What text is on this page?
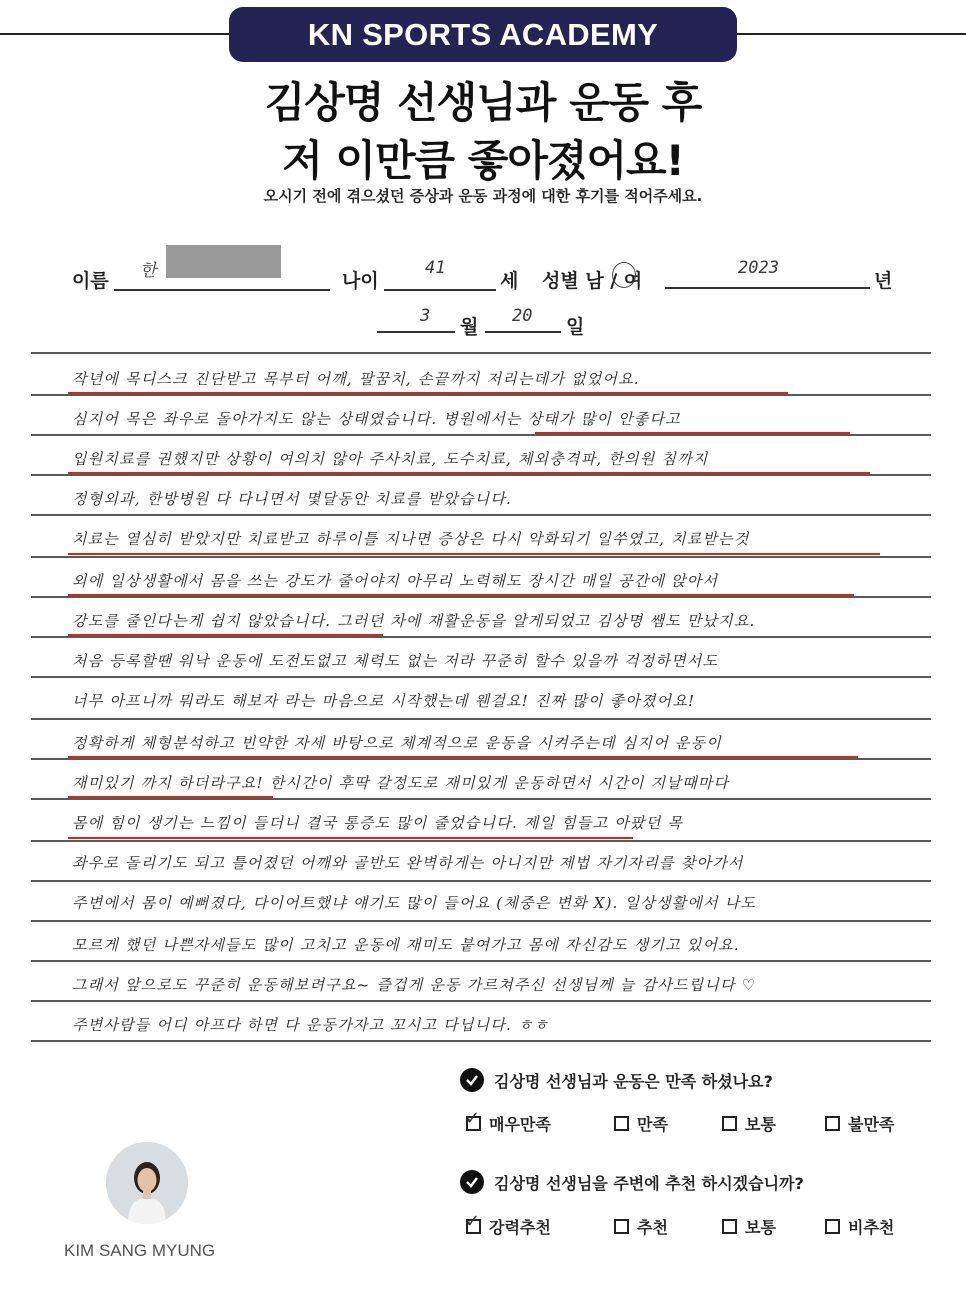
KN SPORTS ACADEMY
김상명 선생님과 운동 후
저 이만큼 좋아졌어요!
오시기 전에 겪으셨던 증상과 운동 과정에 대한 후기를 적어주세요.
이름 한	나이
41
세 성별 남 / 여
2023
년
3 월 20 일
작년에 목디스크 진단받고 목부터 어깨, 팔꿈치, 손끝까지 저리는데가 없었어요.
심지어 목은 좌우로 돌아가지도 않는 상태였습니다. 병원에서는 상태가 많이 안좋다고
입원치료를 권했지만 상황이 여의치 않아 주사치료, 도수치료, 체외충격파, 한의원 침까지
정형외과, 한방병원 다 다니면서 몇달동안 치료를 받았습니다.
치료는 열심히 받았지만 치료받고 하루이틀 지나면 증상은 다시 악화되기 일쑤였고, 치료받는것
외에 일상생활에서 몸을 쓰는 강도가 줄어야지 아무리 노력해도 장시간 매일 공간에 앉아서
강도를 줄인다는게 쉽지 않았습니다. 그러던 차에 재활운동을 알게되었고 김상명 쌤도 만났지요.
처음 등록할땐 워낙 운동에 도전도없고 체력도 없는 저라 꾸준히 할수 있을까 걱정하면서도
너무 아프니까 뭐라도 해보자 라는 마음으로 시작했는데 웬걸요! 진짜 많이 좋아졌어요!
정확하게 체형분석하고 빈약한 자세 바탕으로 체계적으로 운동을 시켜주는데 심지어 운동이
재미있기 까지 하더라구요! 한시간이 후딱 갈정도로 재미있게 운동하면서 시간이 지날때마다
몸에 힘이 생기는 느낌이 들더니 결국 통증도 많이 줄었습니다. 제일 힘들고 아팠던 목
좌우로 돌리기도 되고 틀어졌던 어깨와 골반도 완벽하게는 아니지만 제법 자기자리를 찾아가서
주변에서 몸이 예뻐졌다, 다이어트했냐 얘기도 많이 들어요 (체중은 변화 X). 일상생활에서 나도
모르게 했던 나쁜자세들도 많이 고치고 운동에 재미도 붙여가고 몸에 자신감도 생기고 있어요.
그래서 앞으로도 꾸준히 운동해보려구요~ 즐겁게 운동 가르쳐주신 선생님께 늘 감사드립니다 ♡
주변사람들 어디 아프다 하면 다 운동가자고 꼬시고 다닙니다. ㅎㅎ
김상명 선생님과 운동은 만족 하셨나요?
✓ 매우만족	만족	보통	불만족
김상명 선생님을 주변에 추천 하시겠습니까?
✓ 강력추천	추천	보통	비추천
KIM SANG MYUNG
